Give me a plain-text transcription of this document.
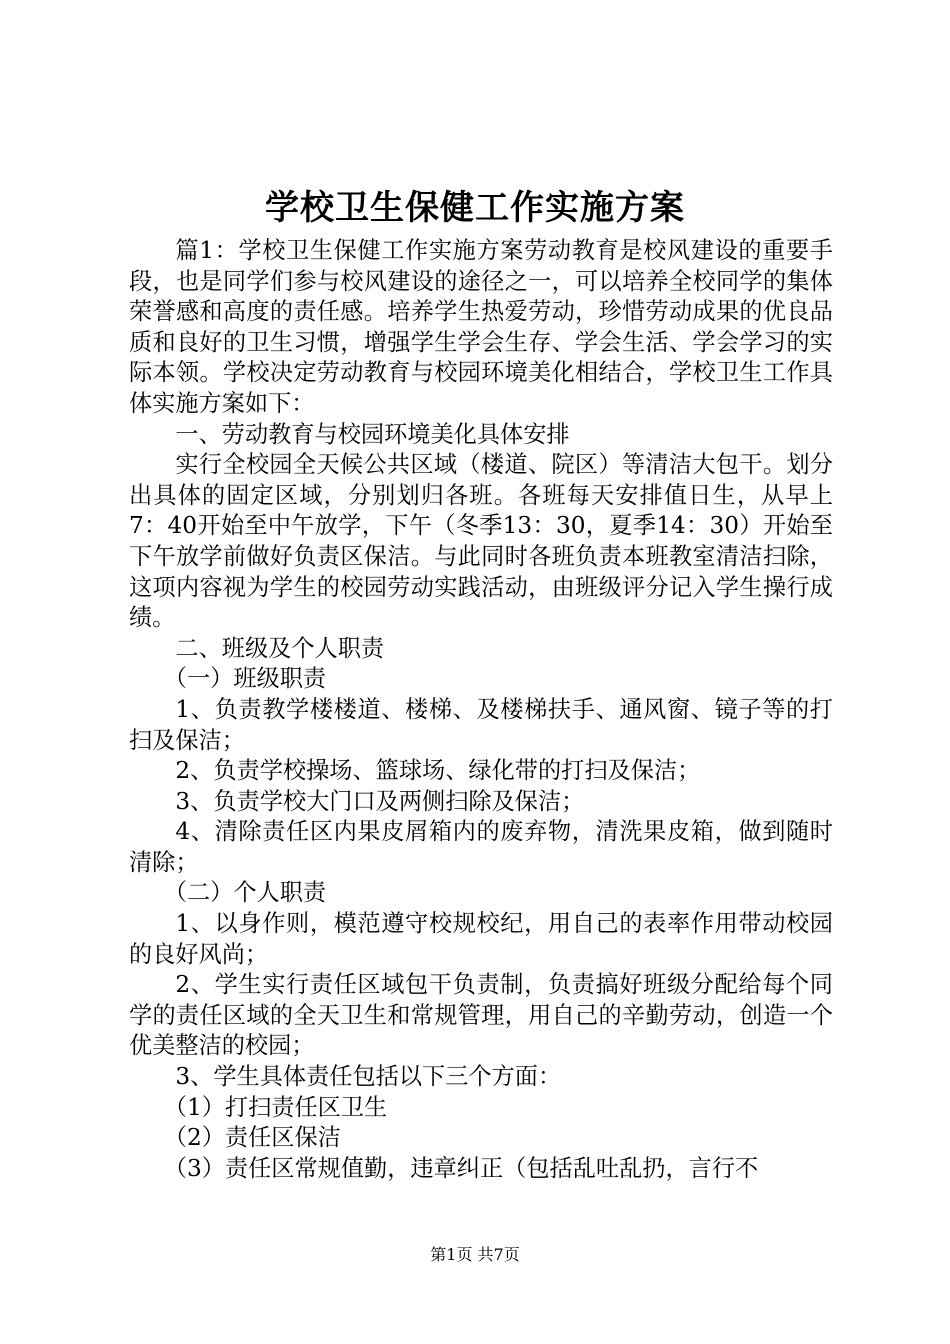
学校卫生保健工作实施方案

篇1：学校卫生保健工作实施方案劳动教育是校风建设的重要手段，也是同学们参与校风建设的途径之一，可以培养全校同学的集体荣誉感和高度的责任感。培养学生热爱劳动，珍惜劳动成果的优良品质和良好的卫生习惯，增强学生学会生存、学会生活、学会学习的实际本领。学校决定劳动教育与校园环境美化相结合，学校卫生工作具体实施方案如下：

一、劳动教育与校园环境美化具体安排

实行全校园全天候公共区域（楼道、院区）等清洁大包干。划分出具体的固定区域，分别划归各班。各班每天安排值日生，从早上7：40开始至中午放学，下午（冬季13：30，夏季14：30）开始至下午放学前做好负责区保洁。与此同时各班负责本班教室清洁扫除，这项内容视为学生的校园劳动实践活动，由班级评分记入学生操行成绩。

二、班级及个人职责

（一）班级职责

1、负责教学楼楼道、楼梯、及楼梯扶手、通风窗、镜子等的打扫及保洁；

2、负责学校操场、篮球场、绿化带的打扫及保洁；

3、负责学校大门口及两侧扫除及保洁；

4、清除责任区内果皮屑箱内的废弃物，清洗果皮箱，做到随时清除；

（二）个人职责

1、以身作则，模范遵守校规校纪，用自己的表率作用带动校园的良好风尚；

2、学生实行责任区域包干负责制，负责搞好班级分配给每个同学的责任区域的全天卫生和常规管理，用自己的辛勤劳动，创造一个优美整洁的校园；

3、学生具体责任包括以下三个方面：

（1）打扫责任区卫生

（2）责任区保洁

（3）责任区常规值勤，违章纠正（包括乱吐乱扔，言行不

第1页 共7页
